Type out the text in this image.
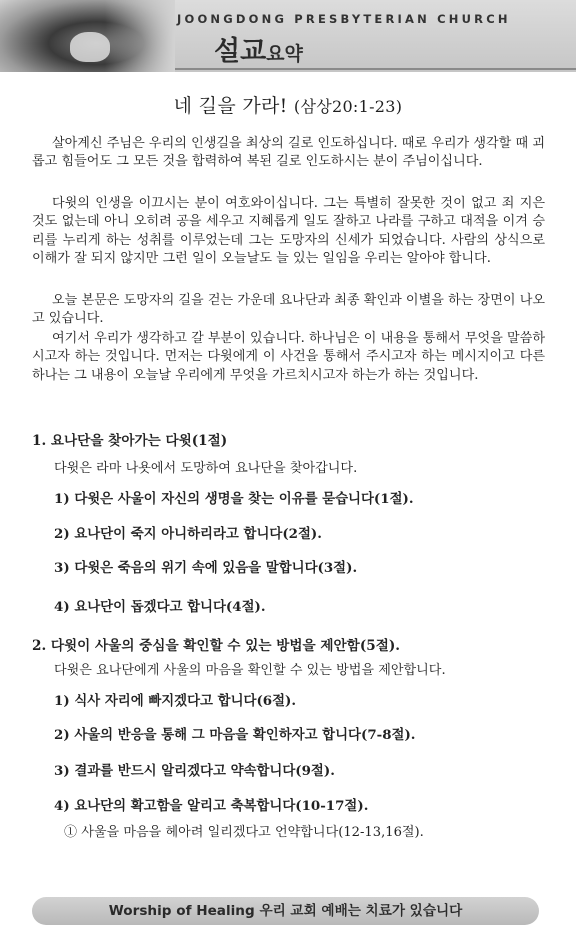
JOONGDONG PRESBYTERIAN CHURCH
설교요약
네 길을 가라! (삼상20:1-23)

살아계신 주님은 우리의 인생길을 최상의 길로 인도하십니다. 때로 우리가 생각할 때 괴롭고 힘들어도 그 모든 것을 합력하여 복된 길로 인도하시는 분이 주님이십니다.

다윗의 인생을 이끄시는 분이 여호와이십니다. 그는 특별히 잘못한 것이 없고 죄 지은 것도 없는데 아니 오히려 공을 세우고 지혜롭게 일도 잘하고 나라를 구하고 대적을 이겨 승리를 누리게 하는 성취를 이루었는데 그는 도망자의 신세가 되었습니다. 사람의 상식으로 이해가 잘 되지 않지만 그런 일이 오늘날도 늘 있는 일임을 우리는 알아야 합니다.

오늘 본문은 도망자의 길을 걷는 가운데 요나단과 최종 확인과 이별을 하는 장면이 나오고 있습니다.

여기서 우리가 생각하고 갈 부분이 있습니다. 하나님은 이 내용을 통해서 무엇을 말씀하시고자 하는 것입니다. 먼저는 다윗에게 이 사건을 통해서 주시고자 하는 메시지이고 다른 하나는 그 내용이 오늘날 우리에게 무엇을 가르치시고자 하는가 하는 것입니다.

1. 요나단을 찾아가는 다윗(1절)

다윗은 라마 나욧에서 도망하여 요나단을 찾아갑니다.

1) 다윗은 사울이 자신의 생명을 찾는 이유를 묻습니다(1절).

2) 요나단이 죽지 아니하리라고 합니다(2절).

3) 다윗은 죽음의 위기 속에 있음을 말합니다(3절).

4) 요나단이 돕겠다고 합니다(4절).

2. 다윗이 사울의 중심을 확인할 수 있는 방법을 제안함(5절).

다윗은 요나단에게 사울의 마음을 확인할 수 있는 방법을 제안합니다.

1) 식사 자리에 빠지겠다고 합니다(6절).

2) 사울의 반응을 통해 그 마음을 확인하자고 합니다(7-8절).

3) 결과를 반드시 알리겠다고 약속합니다(9절).

4) 요나단의 확고함을 알리고 축복합니다(10-17절).

① 사울을 마음을 헤아려 일리겠다고 언약합니다(12-13,16절).

Worship of Healing 우리 교회 예배는 치료가 있습니다
